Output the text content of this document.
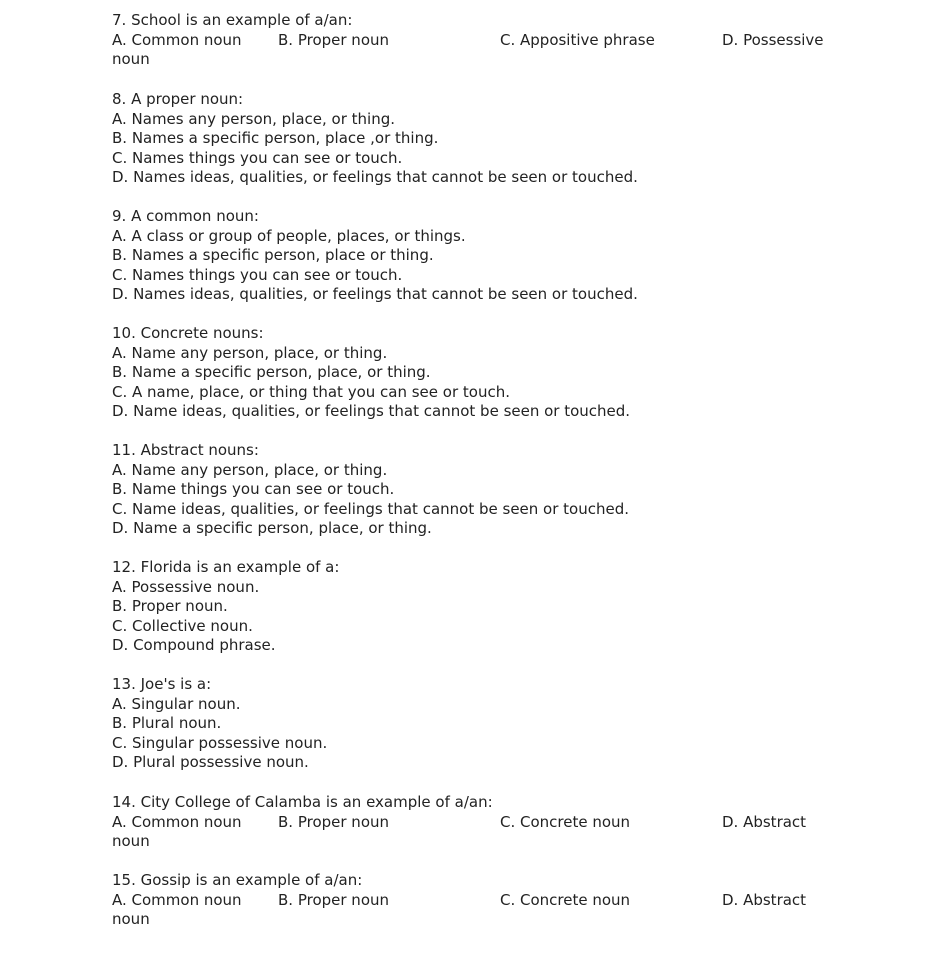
7. School is an example of a/an:
A. Common noun B. Proper noun	C. Appositive phrase	D. Possessive
noun
8. A proper noun:
A. Names any person, place, or thing.
B. Names a specific person, place ,or thing.
C. Names things you can see or touch.
D. Names ideas, qualities, or feelings that cannot be seen or touched.
9. A common noun:
A. A class or group of people, places, or things.
B. Names a specific person, place or thing.
C. Names things you can see or touch.
D. Names ideas, qualities, or feelings that cannot be seen or touched.
10. Concrete nouns:
A. Name any person, place, or thing.
B. Name a specific person, place, or thing.
C. A name, place, or thing that you can see or touch.
D. Name ideas, qualities, or feelings that cannot be seen or touched.
11. Abstract nouns:
A. Name any person, place, or thing.
B. Name things you can see or touch.
C. Name ideas, qualities, or feelings that cannot be seen or touched.
D. Name a specific person, place, or thing.
12. Florida is an example of a:
A. Possessive noun.
B. Proper noun.
C. Collective noun.
D. Compound phrase.
13. Joe's is a:
A. Singular noun.
B. Plural noun.
C. Singular possessive noun.
D. Plural possessive noun.
14. City College of Calamba is an example of a/an:
A. Common noun B. Proper noun	C. Concrete noun	D. Abstract
noun
15. Gossip is an example of a/an:
A. Common noun B. Proper noun	C. Concrete noun	D. Abstract
noun
